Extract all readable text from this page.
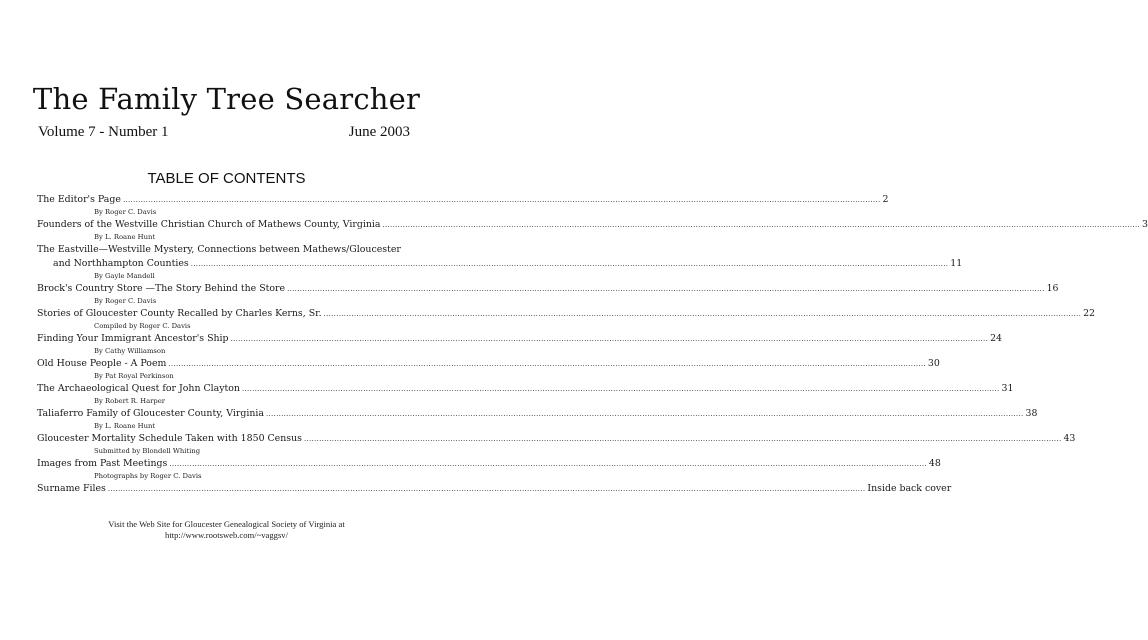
The Family Tree Searcher
Volume 7 - Number 1	June 2003
TABLE OF CONTENTS
The Editor's Page ............................................................................................................................................................................................................................................................................................................ 2
By Roger C. Davis
Founders of the Westville Christian Church of Mathews County, Virginia ............................................................................................................................................................................................................................................................................................................ 3
By L. Roane Hunt
The Eastville—Westville Mystery, Connections between Mathews/Gloucester
and Northhampton Counties ............................................................................................................................................................................................................................................................................................................ 11
By Gayle Mandell
Brock's Country Store —The Story Behind the Store ............................................................................................................................................................................................................................................................................................................ 16
By Roger C. Davis
Stories of Gloucester County Recalled by Charles Kerns, Sr. ............................................................................................................................................................................................................................................................................................................ 22
Compiled by Roger C. Davis
Finding Your Immigrant Ancestor's Ship ............................................................................................................................................................................................................................................................................................................ 24
By Cathy Williamson
Old House People - A Poem ............................................................................................................................................................................................................................................................................................................ 30
By Pat Royal Perkinson
The Archaeological Quest for John Clayton ............................................................................................................................................................................................................................................................................................................ 31
By Robert R. Harper
Taliaferro Family of Gloucester County, Virginia ............................................................................................................................................................................................................................................................................................................ 38
By L. Roane Hunt
Gloucester Mortality Schedule Taken with 1850 Census ............................................................................................................................................................................................................................................................................................................ 43
Submitted by Blondell Whiting
Images from Past Meetings ............................................................................................................................................................................................................................................................................................................ 48
Photographs by Roger C. Davis
Surname Files ............................................................................................................................................................................................................................................................................................................ Inside back cover
Visit the Web Site for Gloucester Genealogical Society of Virginia at
http://www.rootsweb.com/~vaggsv/
